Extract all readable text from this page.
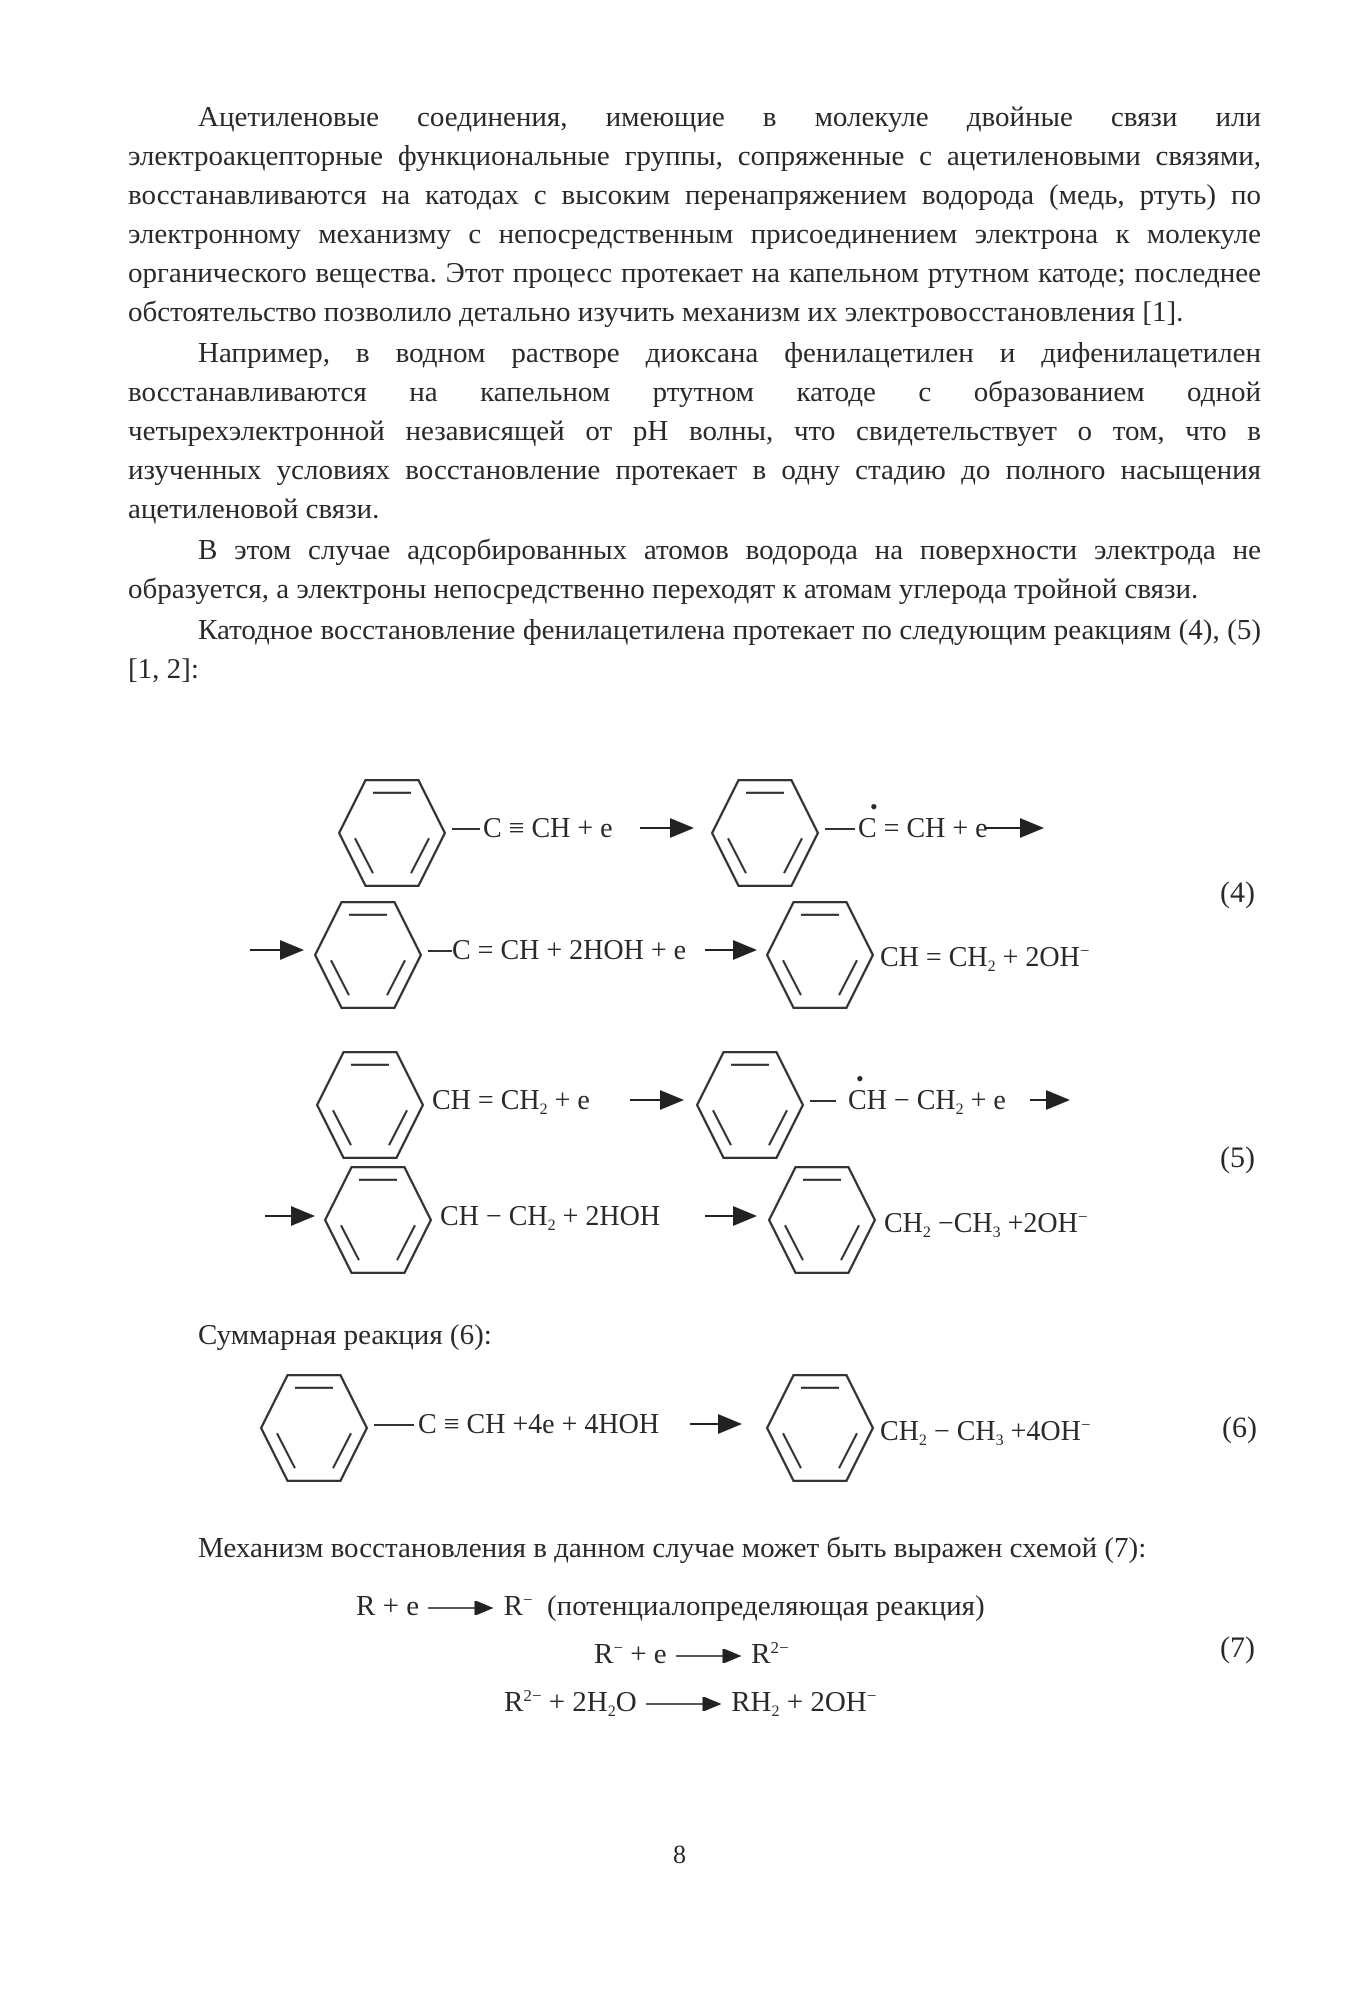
Ацетиленовые соединения, имеющие в молекуле двойные связи или электроакцепторные функциональные группы, сопряженные с ацетиленовыми связями, восстанавливаются на катодах с высоким перенапряжением водорода (медь, ртуть) по электронному механизму с непосредственным присоединением электрона к молекуле органического вещества. Этот процесс протекает на капельном ртутном катоде; последнее обстоятельство позволило детально изучить механизм их электровосстановления [1].

Например, в водном растворе диоксана фенилацетилен и дифенилацетилен восстанавливаются на капельном ртутном катоде с образованием одной четырехэлектронной независящей от pH волны, что свидетельствует о том, что в изученных условиях восстановление протекает в одну стадию до полного насыщения ацетиленовой связи.

В этом случае адсорбированных атомов водорода на поверхности электрода не образуется, а электроны непосредственно переходят к атомам углерода тройной связи.

Катодное восстановление фенилацетилена протекает по следующим реакциям (4), (5) [1, 2]:

C ≡ CH + e	C = CH + e
•
(4)
C = CH + 2HOH + e →	CH = $CH_2 + 2OH^-$
CH = $CH_2 + e$	CH − $CH_2 + e$
•
(5)
CH − $CH_2 + 2HOH$	$CH_2 -CH_3 +2OH^-$
Суммарная реакция (6):
C ≡ CH +4e + 4HOH	$CH_2 - CH_3 +4OH^-$	(6)
Механизм восстановления в данном случае может быть выражен схемой (7):
R + e → R− (потенциалопределяющая реакция)
$R^- + e \to R^{2-}$	(7)
$R^{2-} + 2H_2O \to RH_2 + 2OH^-$
8
